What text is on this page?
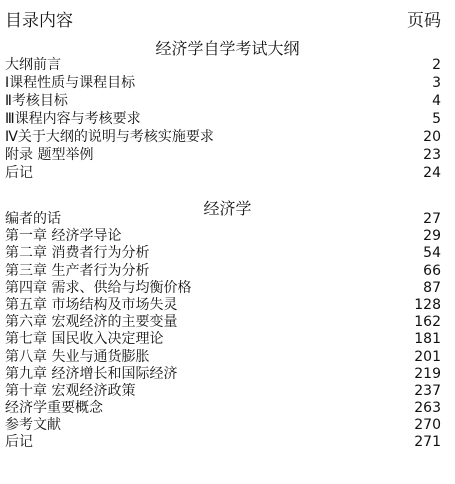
目录内容	页码
经济学自学考试大纲
大纲前言	2
Ⅰ课程性质与课程目标	3
Ⅱ考核目标	4
Ⅲ课程内容与考核要求	5
Ⅳ关于大纲的说明与考核实施要求	20
附录 题型举例	23
后记	24
经济学
编者的话	27
第一章 经济学导论	29
第二章 消费者行为分析	54
第三章 生产者行为分析	66
第四章 需求、供给与均衡价格	87
第五章 市场结构及市场失灵	128
第六章 宏观经济的主要变量	162
第七章 国民收入决定理论	181
第八章 失业与通货膨胀	201
第九章 经济增长和国际经济	219
第十章 宏观经济政策	237
经济学重要概念	263
参考文献	270
后记	271
